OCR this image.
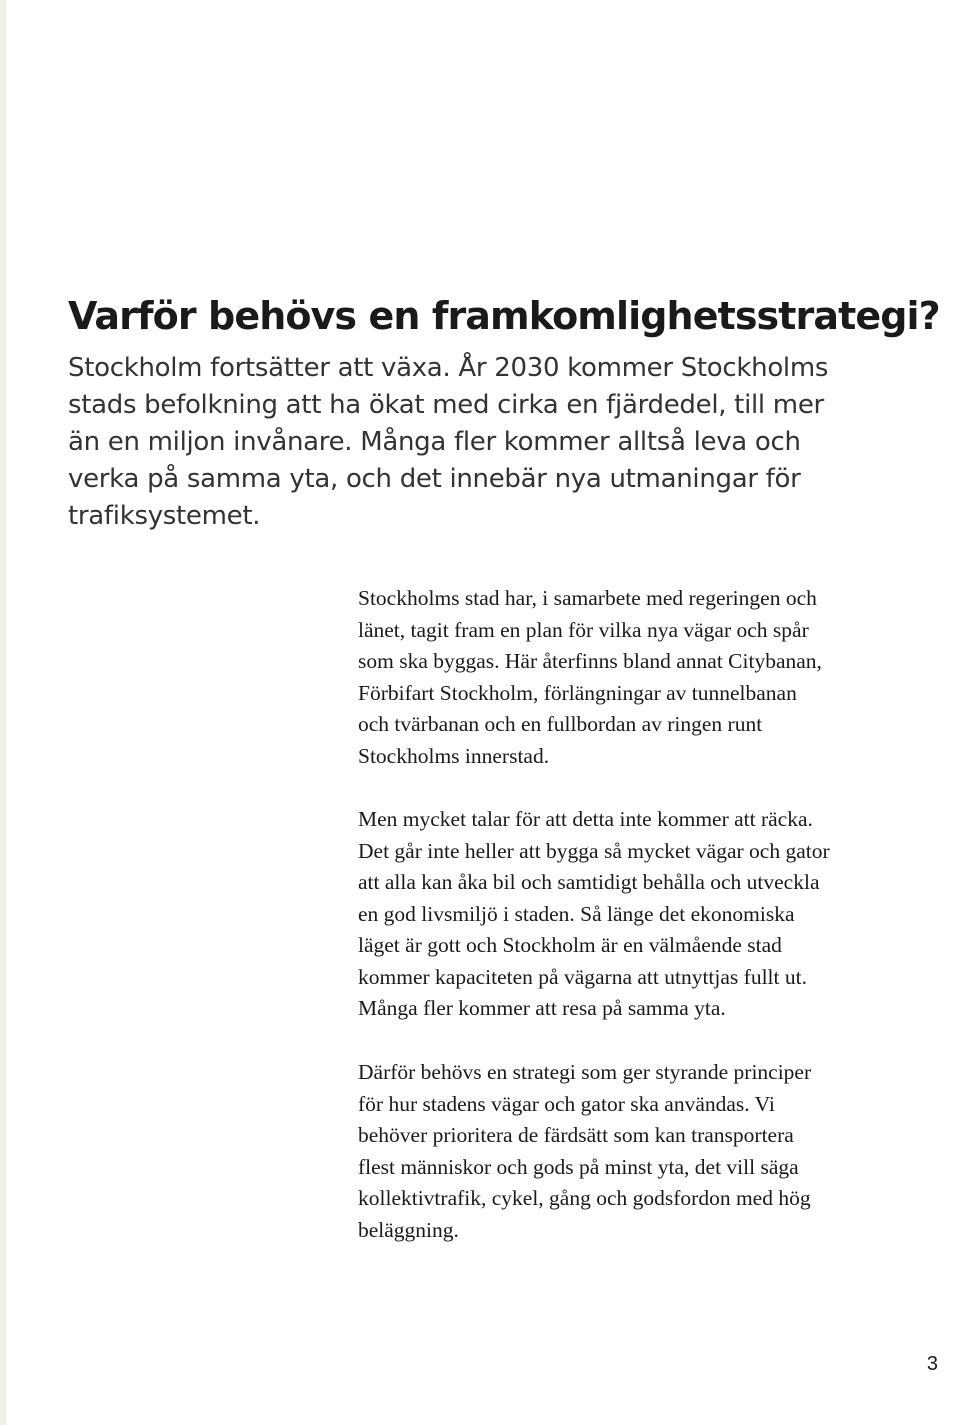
Varför behövs en framkomlighetsstrategi?

Stockholm fortsätter att växa. År 2030 kommer Stockholms
stads befolkning att ha ökat med cirka en fjärdedel, till mer
än en miljon invånare. Många fler kommer alltså leva och
verka på samma yta, och det innebär nya utmaningar för
trafiksystemet.

Stockholms stad har, i samarbete med regeringen och
länet, tagit fram en plan för vilka nya vägar och spår
som ska byggas. Här återfinns bland annat Citybanan,
Förbifart Stockholm, förlängningar av tunnelbanan
och tvärbanan och en fullbordan av ringen runt
Stockholms innerstad.

Men mycket talar för att detta inte kommer att räcka.
Det går inte heller att bygga så mycket vägar och gator
att alla kan åka bil och samtidigt behålla och utveckla
en god livsmiljö i staden. Så länge det ekonomiska
läget är gott och Stockholm är en välmående stad
kommer kapaciteten på vägarna att utnyttjas fullt ut.
Många fler kommer att resa på samma yta.

Därför behövs en strategi som ger styrande principer
för hur stadens vägar och gator ska användas. Vi
behöver prioritera de färdsätt som kan transportera
flest människor och gods på minst yta, det vill säga
kollektivtrafik, cykel, gång och godsfordon med hög
beläggning.

3
